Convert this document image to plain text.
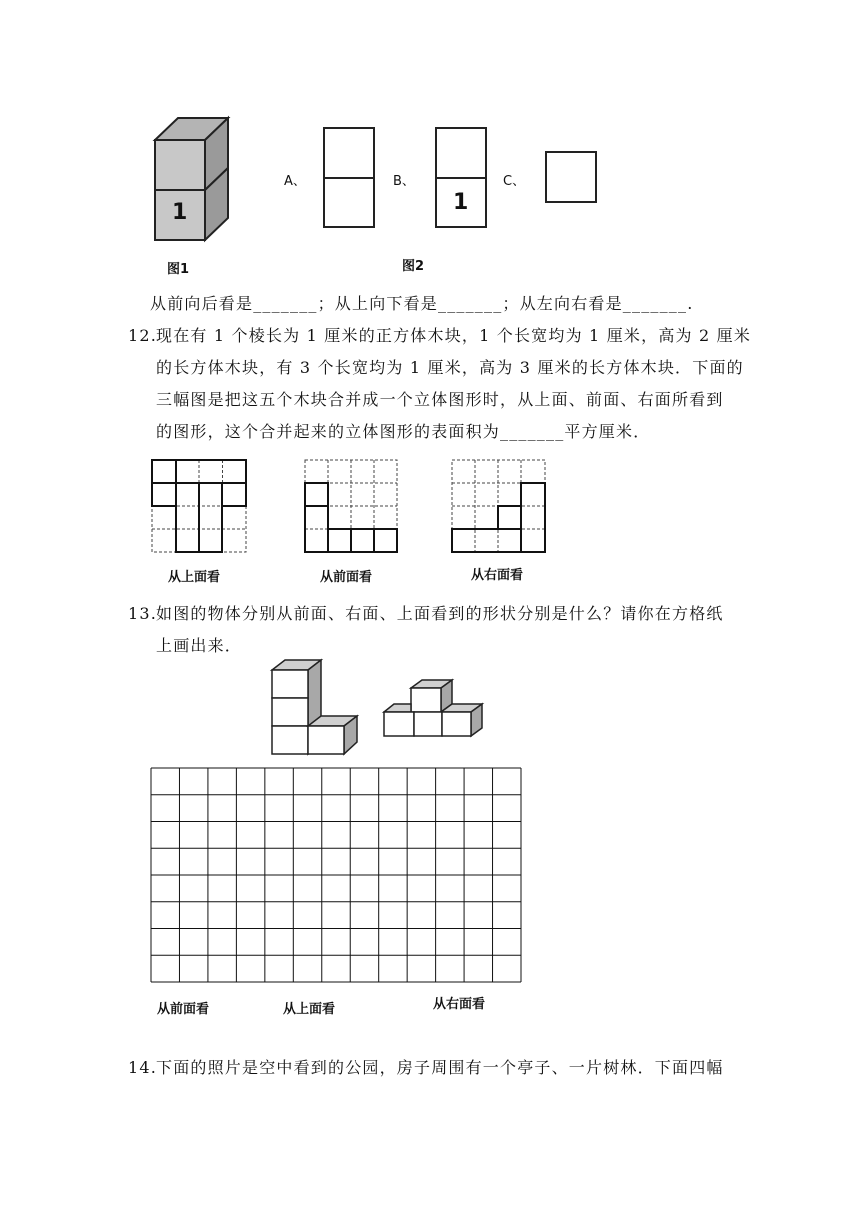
1	1
A、	B、	C、
图1	图2
从前向后看是_______；从上向下看是_______；从左向右看是_______.
12.
现在有 1 个棱长为 1 厘米的正方体木块，1 个长宽均为 1 厘米，高为 2 厘米
的长方体木块，有 3 个长宽均为 1 厘米，高为 3 厘米的长方体木块．下面的
三幅图是把这五个木块合并成一个立体图形时，从上面、前面、右面所看到
的图形，这个合并起来的立体图形的表面积为_______平方厘米．
从上面看	从前面看	从右面看
13.
如图的物体分别从前面、右面、上面看到的形状分别是什么？请你在方格纸
上画出来．
从前面看	从上面看	从右面看
14.
下面的照片是空中看到的公园，房子周围有一个亭子、一片树林．下面四幅
